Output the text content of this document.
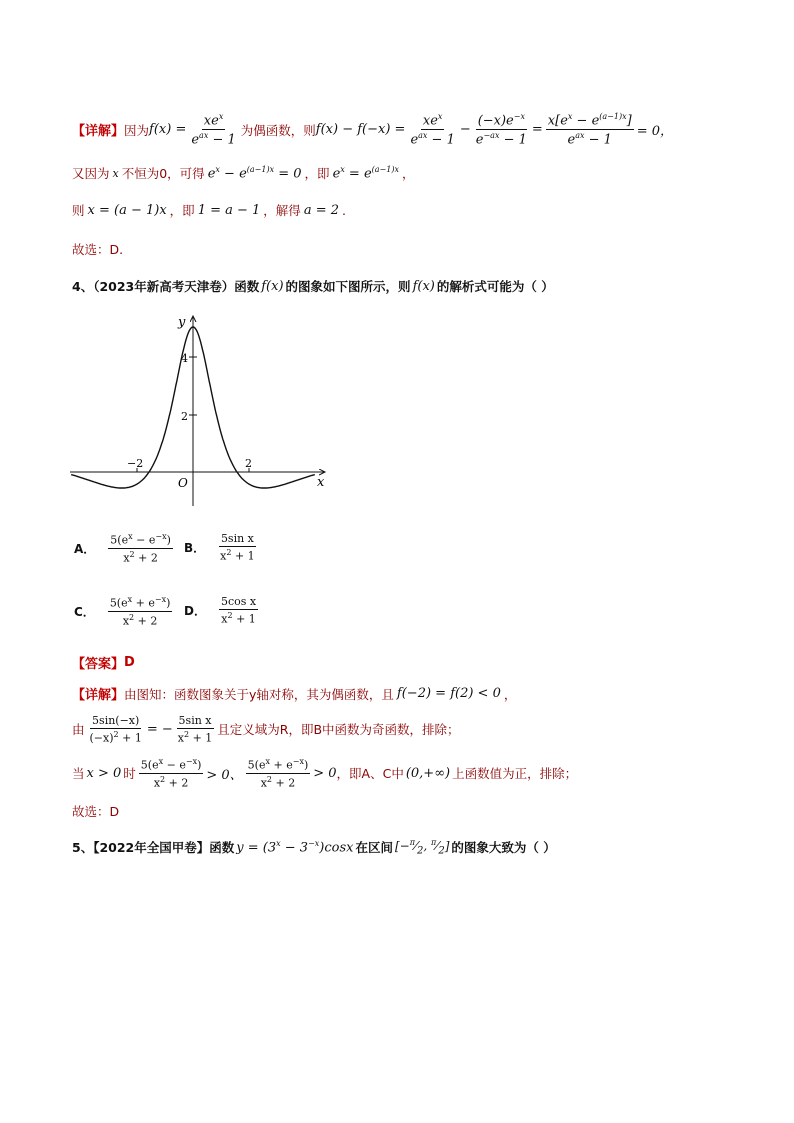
【详解】 因为 $f(x) = \frac{xe^x}{e^{ax} - 1}$ 为偶函数，则 $f(x) - f(-x) = \frac{xe^x}{e^{ax} - 1} - \frac{(-x)e^{-x}}{e^{-ax} - 1} = \frac{x[e^x - e^{(a-1)x}]}{e^{ax} - 1} = 0$，
又因为 x 不恒为0，可得 $e^x - e^{(a-1)x} = 0$ ，即 $e^x = e^{(a-1)x}$ ，
则 x = (a − 1)x ，即 1 = a − 1 ，解得 a = 2 .
故选：D.
4、（2023年新高考天津卷）函数 f(x) 的图象如下图所示，则 f(x) 的解析式可能为（ ）
y
x
O
4
2
−2	2
A． $\frac{5(e^x - e^{-x})}{x^2 + 2}$ B． $\frac{\text{5sin x}}{x^2 + 1}$
C． $\frac{5(e^x + e^{-x})}{x^2 + 2}$ D． $\frac{\text{5cos x}}{x^2 + 1}$
【答案】 D
【详解】 由图知：函数图象关于y轴对称，其为偶函数，且 f(−2) = f(2) < 0 ，
由 $\frac{5\sin(-x)}{(-x)^2 + 1}$ = − $\frac{\text{5sin x}}{x^2 + 1}$ 且定义域为R，即B中函数为奇函数，排除；
当 x > 0 时 $\frac{5(e^x - e^{-x})}{x^2 + 2} > 0$、 $\frac{5(e^x + e^{-x})}{x^2 + 2} > 0$ ，即A、C中 (0,+∞) 上函数值为正，排除；
故选：D
5、【2022年全国甲卷】函数 $y = (3^x - 3^{-x})\cos x$ 在区间 [$-^\pi⁄_2$, $^\pi⁄_2$] 的图象大致为（ ）
